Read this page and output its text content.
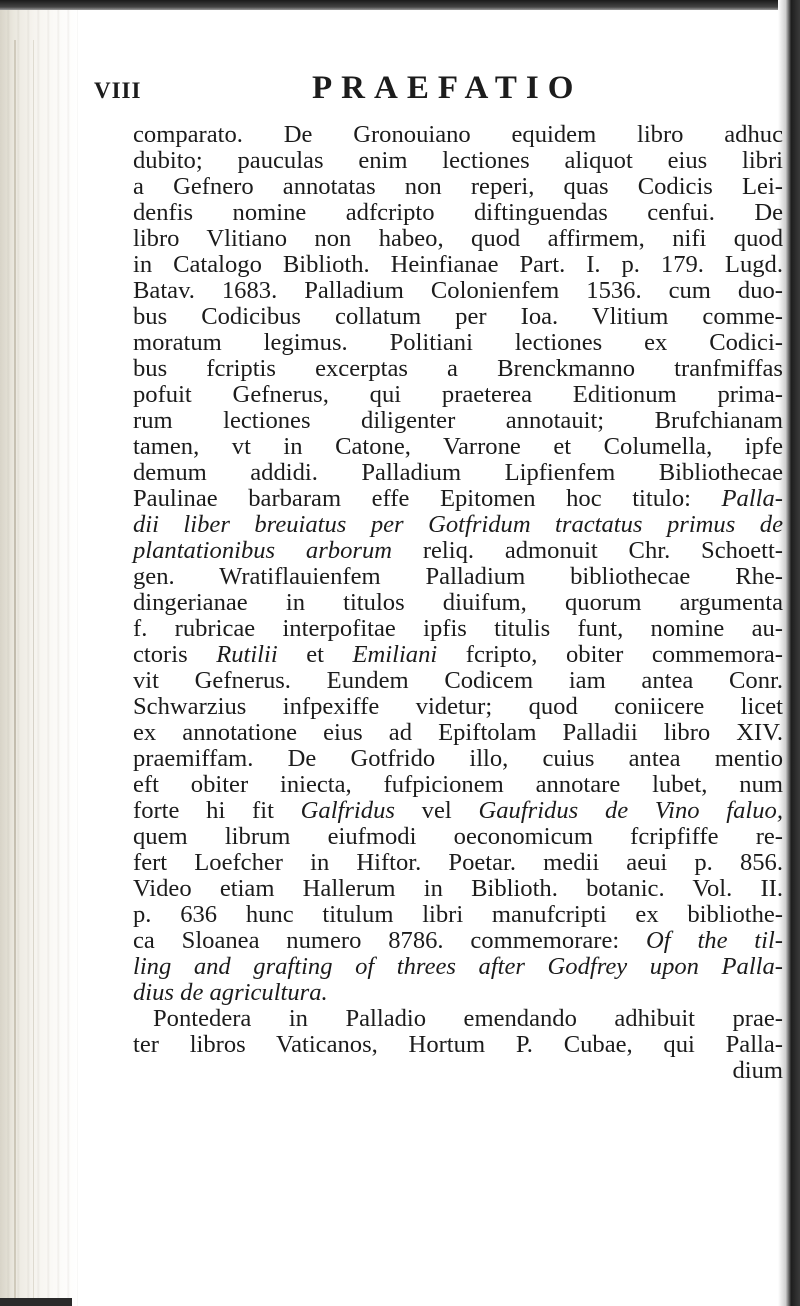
VIII	PRAEFATIO
comparato. De Gronouiano equidem libro adhuc
dubito; pauculas enim lectiones aliquot eius libri
a Gefnero annotatas non reperi, quas Codicis Lei-
denfis nomine adfcripto diftinguendas cenfui. De
libro Vlitiano non habeo, quod affirmem, nifi quod
in Catalogo Biblioth. Heinfianae Part. I. p. 179. Lugd.
Batav. 1683. Palladium Colonienfem 1536. cum duo-
bus Codicibus collatum per Ioa. Vlitium comme-
moratum legimus. Politiani lectiones ex Codici-
bus fcriptis excerptas a Brenckmanno tranfmiffas
pofuit Gefnerus, qui praeterea Editionum prima-
rum lectiones diligenter annotauit; Brufchianam
tamen, vt in Catone, Varrone et Columella, ipfe
demum addidi. Palladium Lipfienfem Bibliothecae
Paulinae barbaram effe Epitomen hoc titulo: Palla-
dii liber breuiatus per Gotfridum tractatus primus de
plantationibus arborum reliq. admonuit Chr. Schoett-
gen. Wratiflauienfem Palladium bibliothecae Rhe-
dingerianae in titulos diuifum, quorum argumenta
f. rubricae interpofitae ipfis titulis funt, nomine au-
ctoris Rutilii et Emiliani fcripto, obiter commemora-
vit Gefnerus. Eundem Codicem iam antea Conr.
Schwarzius infpexiffe videtur; quod coniicere licet
ex annotatione eius ad Epiftolam Palladii libro XIV.
praemiffam. De Gotfrido illo, cuius antea mentio
eft obiter iniecta, fufpicionem annotare lubet, num
forte hi fit Galfridus vel Gaufridus de Vino faluo,
quem librum eiufmodi oeconomicum fcripfiffe re-
fert Loefcher in Hiftor. Poetar. medii aeui p. 856.
Video etiam Hallerum in Biblioth. botanic. Vol. II.
p. 636 hunc titulum libri manufcripti ex bibliothe-
ca Sloanea numero 8786. commemorare: Of the til-
ling and grafting of threes after Godfrey upon Palla-
dius de agricultura.
Pontedera in Palladio emendando adhibuit prae-
ter libros Vaticanos, Hortum P. Cubae, qui Palla-
dium
